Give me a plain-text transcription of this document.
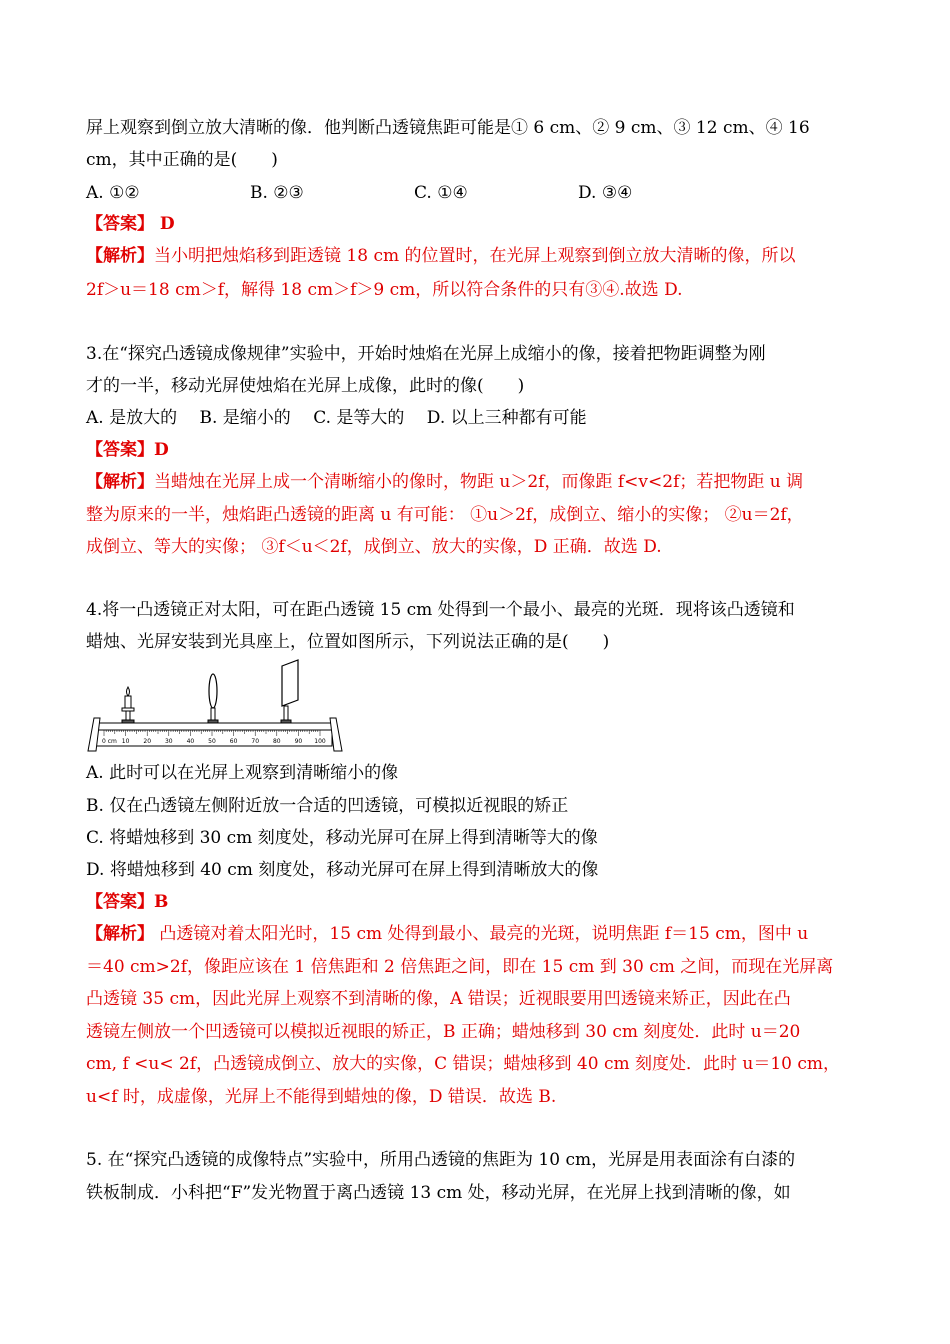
屏上观察到倒立放大清晰的像．他判断凸透镜焦距可能是① 6 cm、② 9 cm、③ 12 cm、④ 16
cm，其中正确的是(　　)
A. ①②	B. ②③	C. ①④	D. ③④
【答案】 D
【解析】当小明把烛焰移到距透镜 18 cm 的位置时，在光屏上观察到倒立放大清晰的像，所以
2f＞u＝18 cm＞f，解得 18 cm＞f＞9 cm，所以符合条件的只有③④.故选 D.
3.在“探究凸透镜成像规律”实验中，开始时烛焰在光屏上成缩小的像，接着把物距调整为刚
才的一半，移动光屏使烛焰在光屏上成像，此时的像(　　)
A. 是放大的　 B. 是缩小的　 C. 是等大的　 D. 以上三种都有可能
【答案】D
【解析】当蜡烛在光屏上成一个清晰缩小的像时，物距 u＞2f，而像距 f<v<2f；若把物距 u 调
整为原来的一半，烛焰距凸透镜的距离 u 有可能： ①u＞2f，成倒立、缩小的实像； ②u＝2f，
成倒立、等大的实像； ③f＜u＜2f，成倒立、放大的实像，D 正确．故选 D.
4.将一凸透镜正对太阳，可在距凸透镜 15 cm 处得到一个最小、最亮的光斑．现将该凸透镜和
蜡烛、光屏安装到光具座上，位置如图所示，下列说法正确的是(　　)
0 cm 10 20 30 40 50 60 70 80 90 100
A. 此时可以在光屏上观察到清晰缩小的像
B. 仅在凸透镜左侧附近放一合适的凹透镜，可模拟近视眼的矫正
C. 将蜡烛移到 30 cm 刻度处，移动光屏可在屏上得到清晰等大的像
D. 将蜡烛移到 40 cm 刻度处，移动光屏可在屏上得到清晰放大的像
【答案】B
【解析】 凸透镜对着太阳光时，15 cm 处得到最小、最亮的光斑，说明焦距 f＝15 cm，图中 u
＝40 cm>2f，像距应该在 1 倍焦距和 2 倍焦距之间，即在 15 cm 到 30 cm 之间，而现在光屏离
凸透镜 35 cm，因此光屏上观察不到清晰的像，A 错误；近视眼要用凹透镜来矫正，因此在凸
透镜左侧放一个凹透镜可以模拟近视眼的矫正，B 正确；蜡烛移到 30 cm 刻度处．此时 u＝20
cm, f <u< 2f，凸透镜成倒立、放大的实像，C 错误；蜡烛移到 40 cm 刻度处．此时 u＝10 cm，
u<f 时，成虚像，光屏上不能得到蜡烛的像，D 错误．故选 B.
5. 在“探究凸透镜的成像特点”实验中，所用凸透镜的焦距为 10 cm，光屏是用表面涂有白漆的
铁板制成．小科把“F”发光物置于离凸透镜 13 cm 处，移动光屏，在光屏上找到清晰的像，如
